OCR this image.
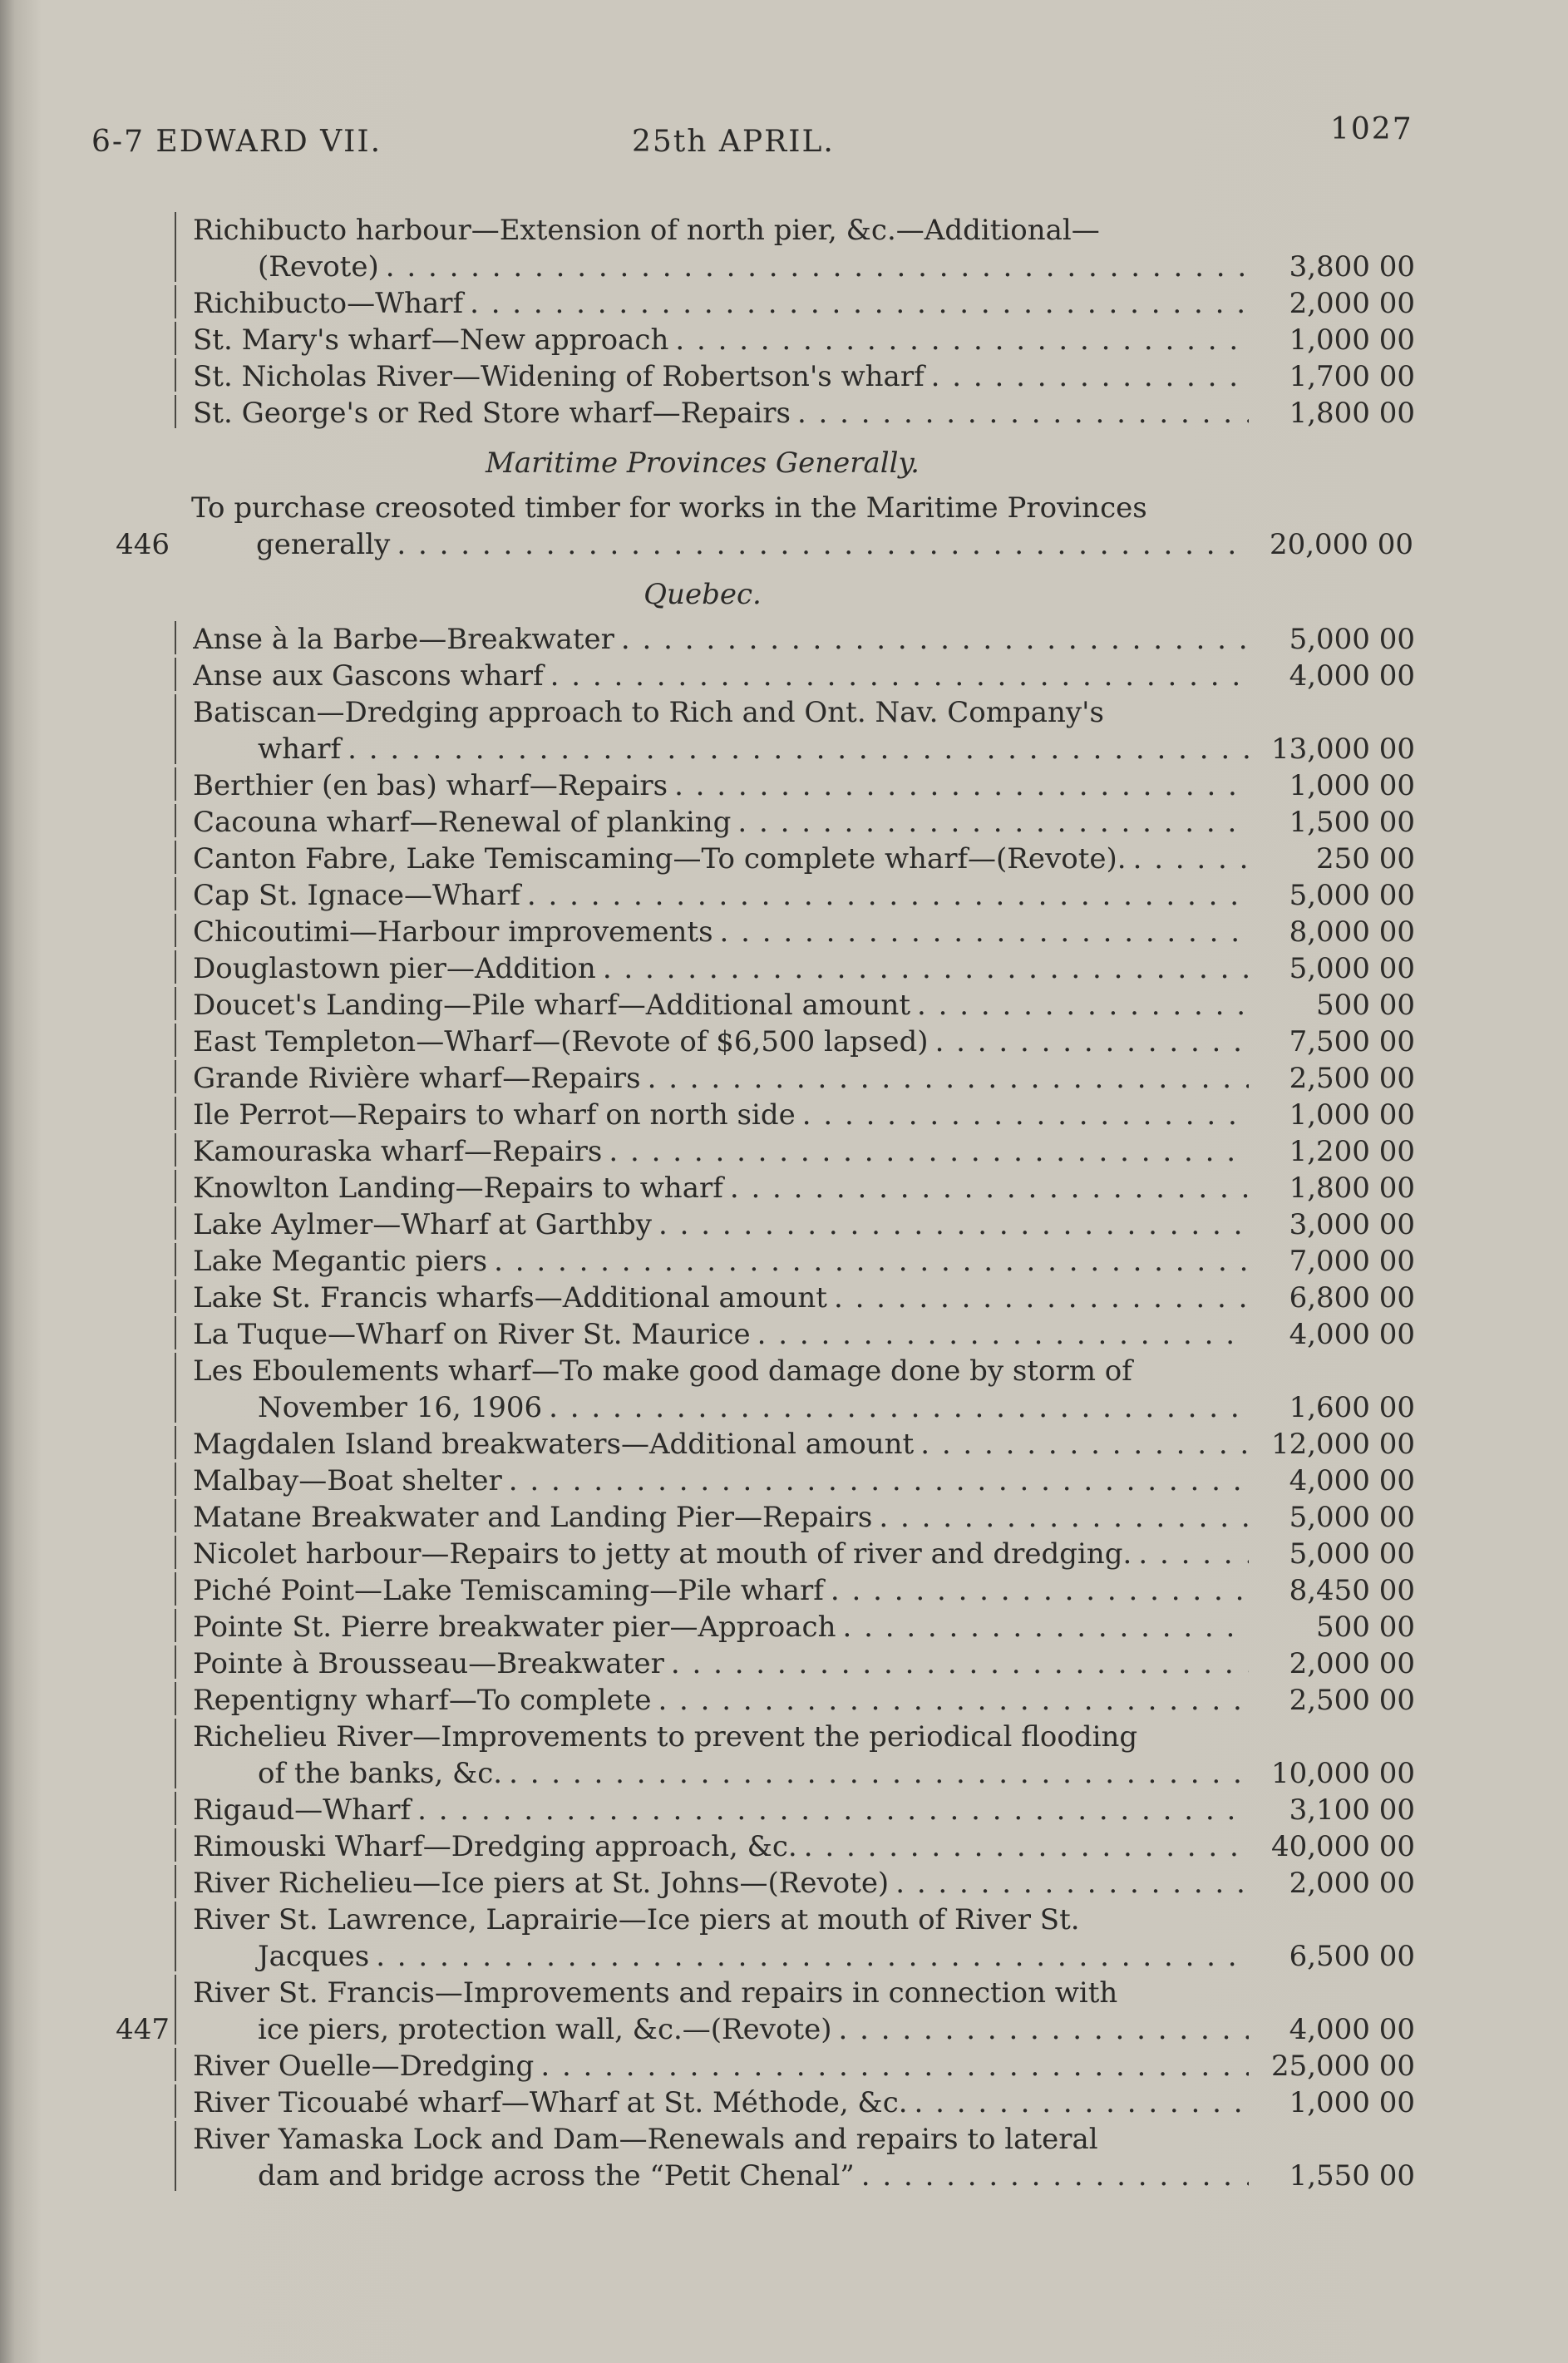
6-7 EDWARD VII.	25th APRIL.	1027
Richibucto harbour—Extension of north pier, &c.—Additional—
(Revote) . . .	3,800 00
Richibucto—Wharf . . .	2,000 00
St. Mary's wharf—New approach . . .	1,000 00
St. Nicholas River—Widening of Robertson's wharf . . .	1,700 00
St. George's or Red Store wharf—Repairs . . .	1,800 00
Maritime Provinces Generally.
446
To purchase creosoted timber for works in the Maritime Provinces
generally . . .	20,000 00
Quebec.
Anse à la Barbe—Breakwater . . .	5,000 00
Anse aux Gascons wharf . . .	4,000 00
Batiscan—Dredging approach to Rich and Ont. Nav. Company's
wharf . . .	13,000 00
Berthier (en bas) wharf—Repairs . . .	1,000 00
Cacouna wharf—Renewal of planking . . .	1,500 00
Canton Fabre, Lake Temiscaming—To complete wharf—(Revote). . . .	250 00
Cap St. Ignace—Wharf . . .	5,000 00
Chicoutimi—Harbour improvements . . .	8,000 00
Douglastown pier—Addition . . .	5,000 00
Doucet's Landing—Pile wharf—Additional amount . . .	500 00
East Templeton—Wharf—(Revote of $6,500 lapsed) . . .	7,500 00
Grande Rivière wharf—Repairs . . .	2,500 00
Ile Perrot—Repairs to wharf on north side . . .	1,000 00
Kamouraska wharf—Repairs . . .	1,200 00
Knowlton Landing—Repairs to wharf . . .	1,800 00
Lake Aylmer—Wharf at Garthby . . .	3,000 00
Lake Megantic piers . . .	7,000 00
Lake St. Francis wharfs—Additional amount . . .	6,800 00
La Tuque—Wharf on River St. Maurice . . .	4,000 00
Les Eboulements wharf—To make good damage done by storm of
November 16, 1906 . . .	1,600 00
Magdalen Island breakwaters—Additional amount . . .	12,000 00
Malbay—Boat shelter . . .	4,000 00
Matane Breakwater and Landing Pier—Repairs . . .	5,000 00
Nicolet harbour—Repairs to jetty at mouth of river and dredging. . . .	5,000 00
Piché Point—Lake Temiscaming—Pile wharf . . .	8,450 00
Pointe St. Pierre breakwater pier—Approach . . .	500 00
Pointe à Brousseau—Breakwater . . .	2,000 00
Repentigny wharf—To complete . . .	2,500 00
Richelieu River—Improvements to prevent the periodical flooding
of the banks, &c. . . .	10,000 00
Rigaud—Wharf . . .	3,100 00
Rimouski Wharf—Dredging approach, &c. . . .	40,000 00
River Richelieu—Ice piers at St. Johns—(Revote) . . .	2,000 00
River St. Lawrence, Laprairie—Ice piers at mouth of River St.
Jacques . . .	6,500 00
447
River St. Francis—Improvements and repairs in connection with
ice piers, protection wall, &c.—(Revote) . . .	4,000 00
River Ouelle—Dredging . . .	25,000 00
River Ticouabé wharf—Wharf at St. Méthode, &c. . . .	1,000 00
River Yamaska Lock and Dam—Renewals and repairs to lateral
dam and bridge across the “Petit Chenal” . . .	1,550 00
